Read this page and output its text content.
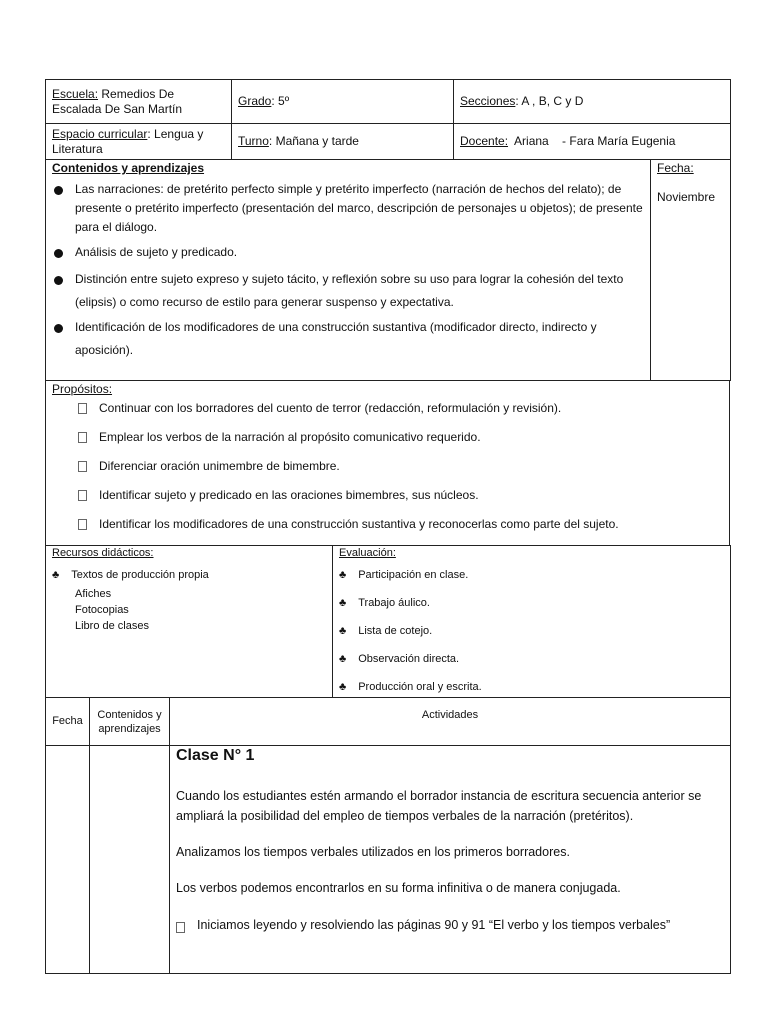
Escuela: Remedios De Escalada De San Martín	Grado: 5º	Secciones: A , B, C y D
Espacio curricular: Lengua y Literatura	Turno: Mañana y tarde	Docente:  Ariana    - Fara María Eugenia
Contenidos y aprendizajes
Las narraciones: de pretérito perfecto simple y pretérito imperfecto (narración de hechos del relato); de presente o pretérito imperfecto (presentación del marco, descripción de personajes u objetos); de presente para el diálogo.
Análisis de sujeto y predicado.
Distinción entre sujeto expreso y sujeto tácito, y reflexión sobre su uso para lograr la cohesión del texto (elipsis) o como recurso de estilo para generar suspenso y expectativa.
Identificación de los modificadores de una construcción sustantiva (modificador directo, indirecto y aposición).

Fecha:
Noviembre
Propósitos:
Continuar con los borradores del cuento de terror (redacción, reformulación y revisión).
Emplear los verbos de la narración al propósito comunicativo requerido.
Diferenciar oración unimembre de bimembre.
Identificar sujeto y predicado en las oraciones bimembres, sus núcleos.
Identificar los modificadores de una construcción sustantiva y reconocerlas como parte del sujeto.
Recursos didácticos:
♣ Textos de producción propia
Afiches
Fotocopias
Libro de clases

Evaluación:
♣ Participación en clase.
♣ Trabajo áulico.
♣ Lista de cotejo.
♣ Observación directa.
♣ Producción oral y escrita.
Fecha	Contenidos y aprendizajes	Actividades

		Clase N° 1

Cuando los estudiantes estén armando el borrador instancia de escritura secuencia anterior se ampliará la posibilidad del empleo de tiempos verbales de la narración (pretéritos).

Analizamos los tiempos verbales utilizados en los primeros borradores.

Los verbos podemos encontrarlos en su forma infinitiva o de manera conjugada.

Iniciamos leyendo y resolviendo las páginas 90 y 91 “El verbo y los tiempos verbales”
